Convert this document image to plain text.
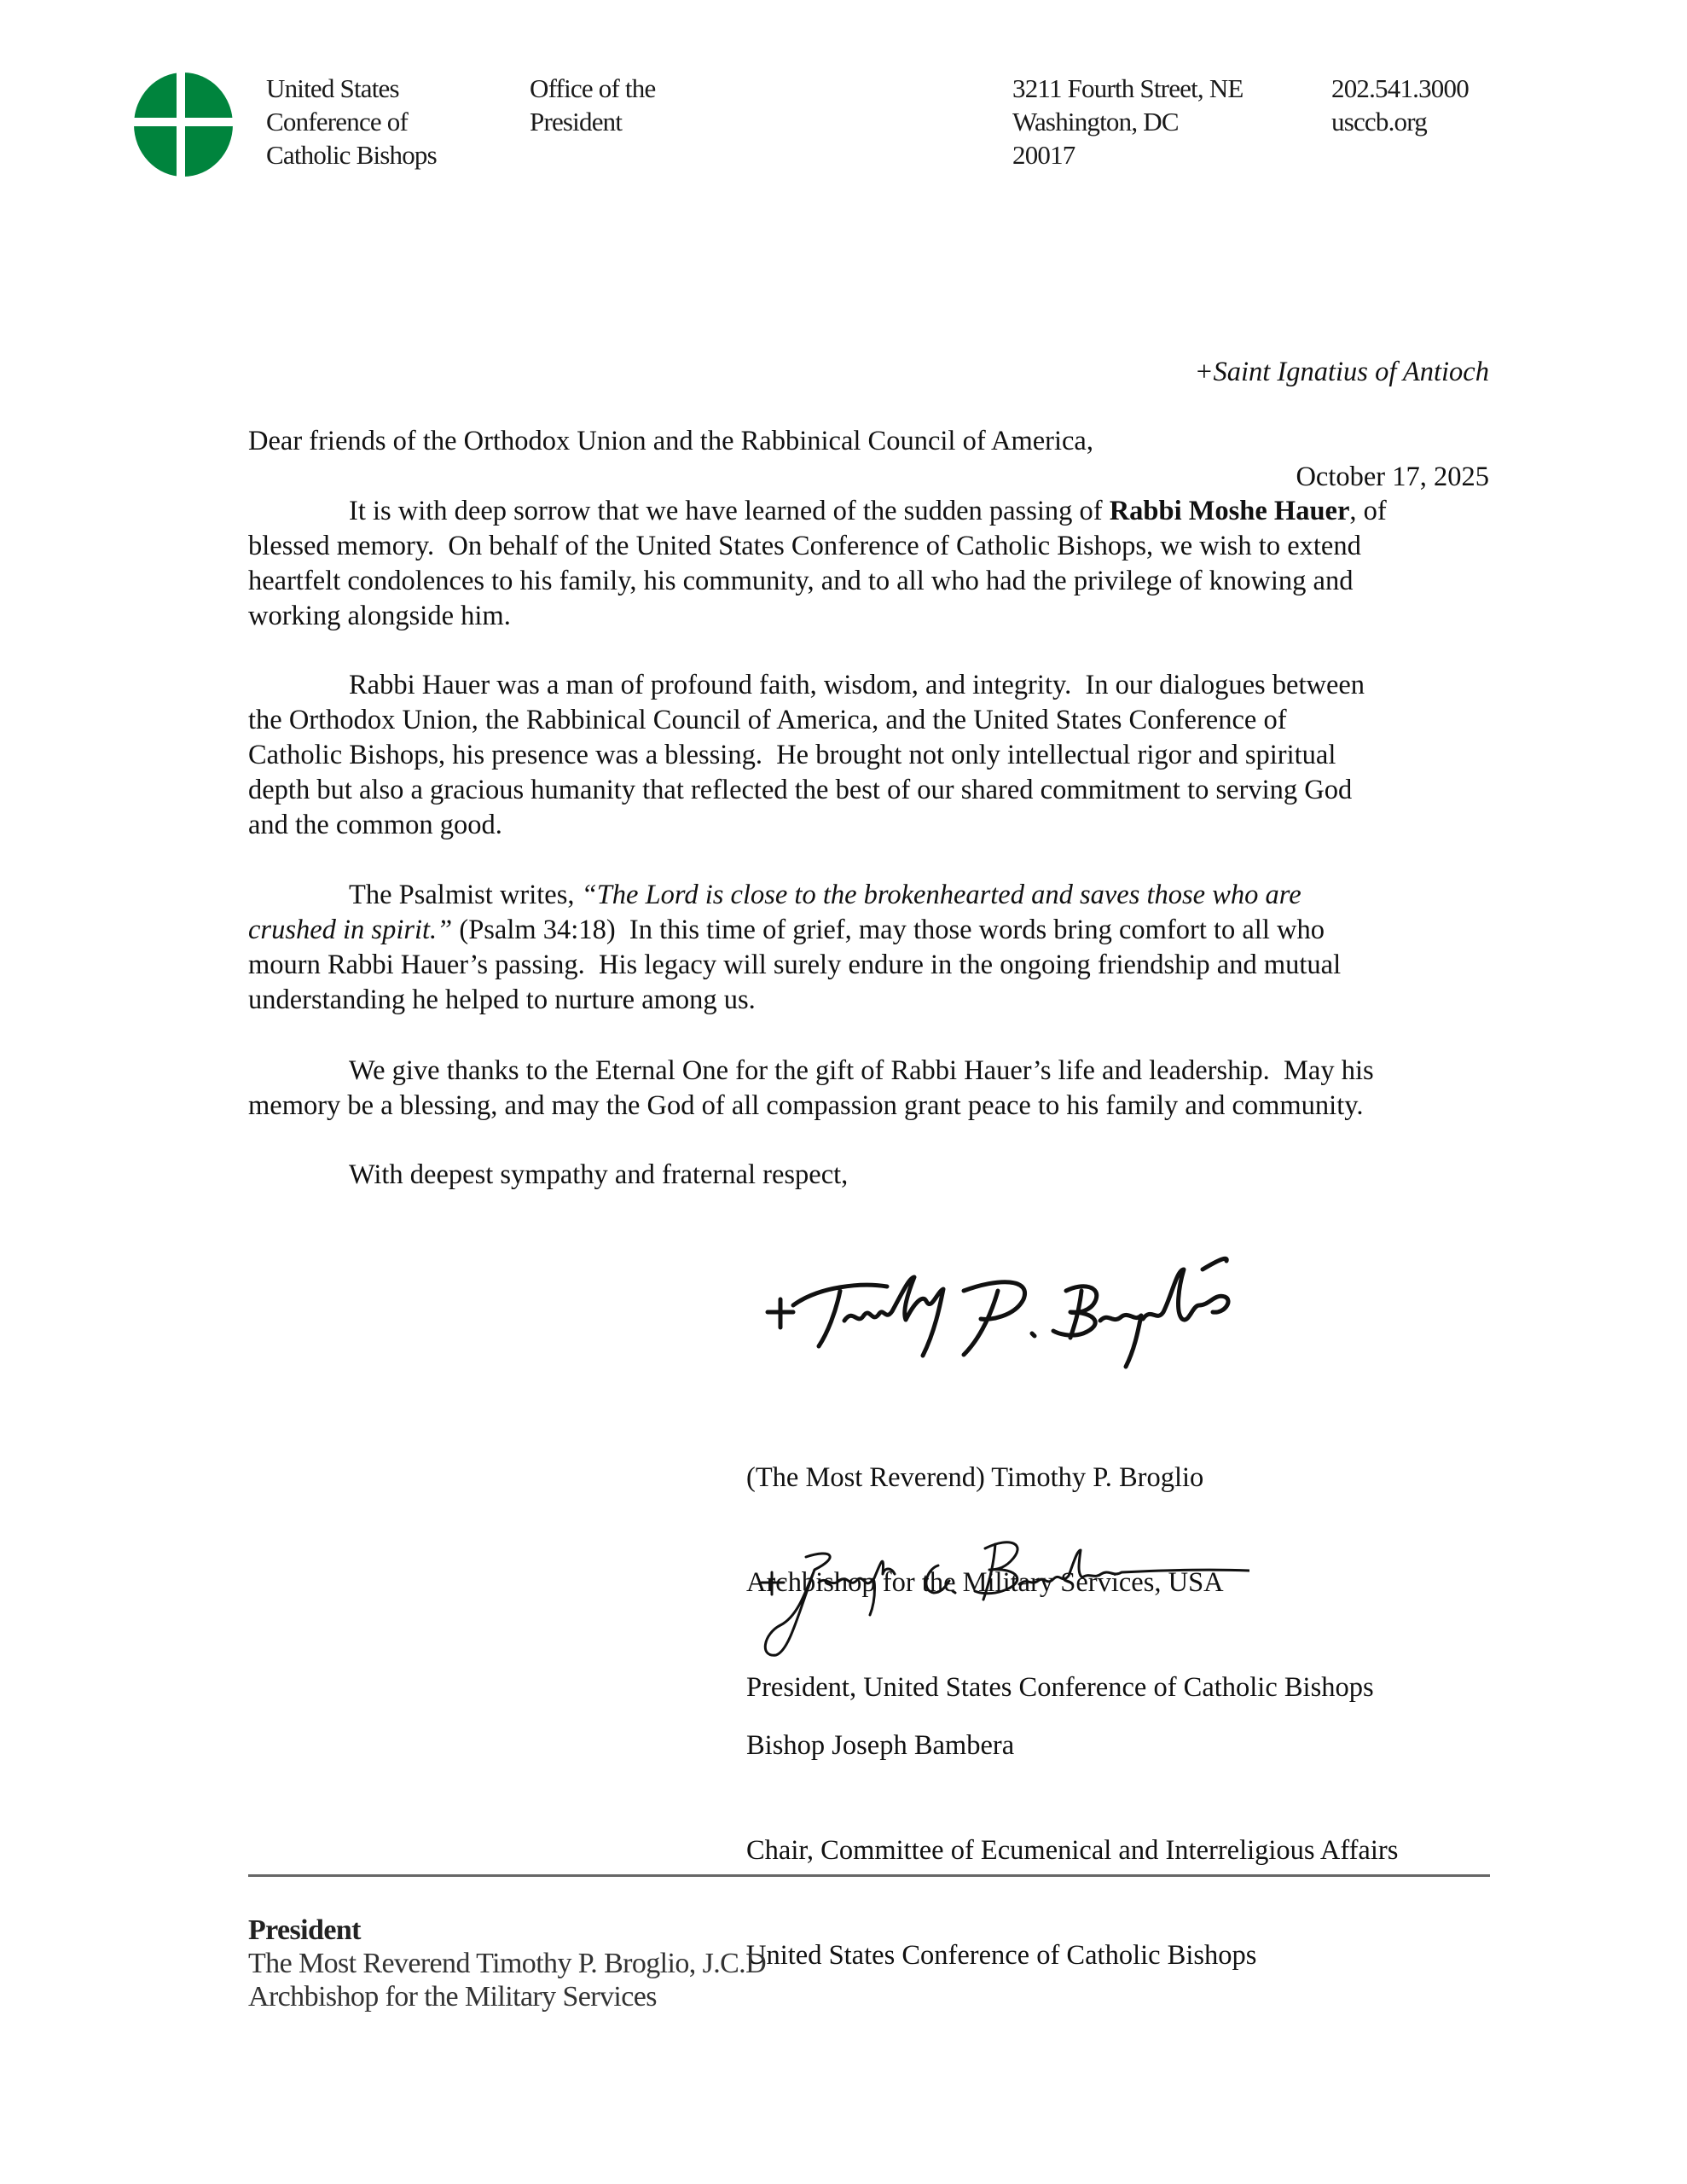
United States
Conference of
Catholic Bishops
Office of the
President
3211 Fourth Street, NE
Washington, DC
20017
202.541.3000
usccb.org

+Saint Ignatius of Antioch

October 17, 2025

Dear friends of the Orthodox Union and the Rabbinical Council of America,
It is with deep sorrow that we have learned of the sudden passing of Rabbi Moshe Hauer, of
blessed memory.  On behalf of the United States Conference of Catholic Bishops, we wish to extend
heartfelt condolences to his family, his community, and to all who had the privilege of knowing and
working alongside him.
Rabbi Hauer was a man of profound faith, wisdom, and integrity.  In our dialogues between
the Orthodox Union, the Rabbinical Council of America, and the United States Conference of
Catholic Bishops, his presence was a blessing.  He brought not only intellectual rigor and spiritual
depth but also a gracious humanity that reflected the best of our shared commitment to serving God
and the common good.
The Psalmist writes, “The Lord is close to the brokenhearted and saves those who are
crushed in spirit.” (Psalm 34:18)  In this time of grief, may those words bring comfort to all who
mourn Rabbi Hauer’s passing.  His legacy will surely endure in the ongoing friendship and mutual
understanding he helped to nurture among us.
We give thanks to the Eternal One for the gift of Rabbi Hauer’s life and leadership.  May his
memory be a blessing, and may the God of all compassion grant peace to his family and community.
With deepest sympathy and fraternal respect,

(The Most Reverend) Timothy P. Broglio

Archbishop for the Military Services, USA

President, United States Conference of Catholic Bishops

Bishop Joseph Bambera

Chair, Committee of Ecumenical and Interreligious Affairs

United States Conference of Catholic Bishops

President
The Most Reverend Timothy P. Broglio, J.C.D
Archbishop for the Military Services
